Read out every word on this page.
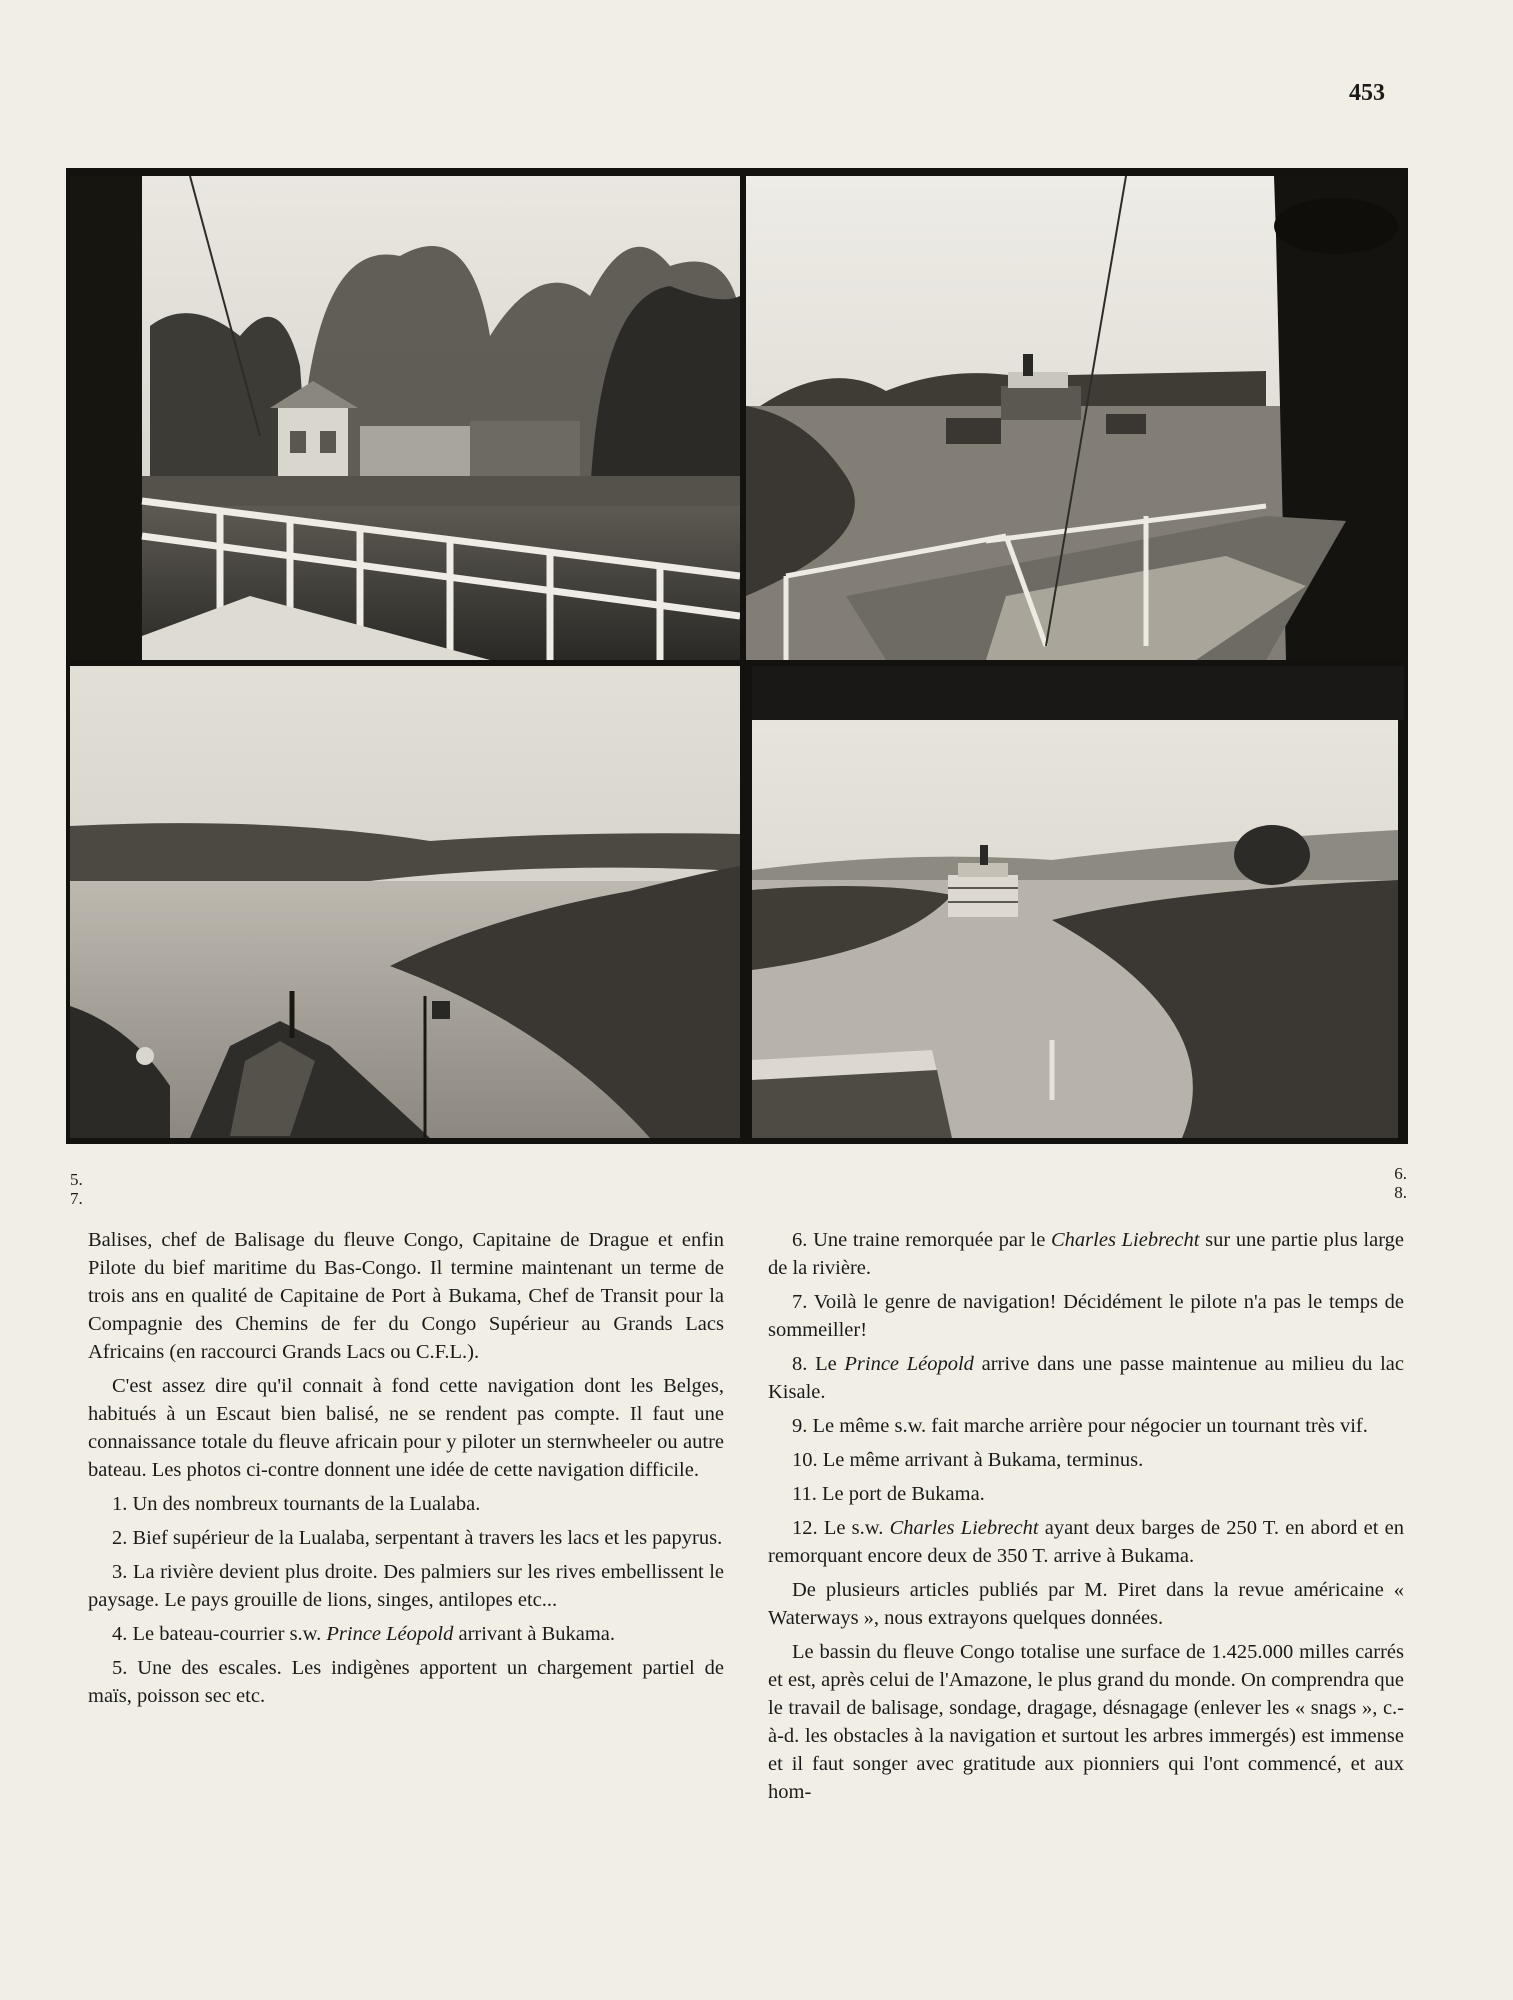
453
5.
7.
6.
8.

Balises, chef de Balisage du fleuve Congo, Capitaine de Drague et enfin Pilote du bief maritime du Bas-Congo. Il termine maintenant un terme de trois ans en qualité de Capitaine de Port à Bukama, Chef de Transit pour la Compagnie des Chemins de fer du Congo Supérieur au Grands Lacs Africains (en raccourci Grands Lacs ou C.F.L.).

C'est assez dire qu'il connait à fond cette navigation dont les Belges, habitués à un Escaut bien balisé, ne se rendent pas compte. Il faut une connaissance totale du fleuve africain pour y piloter un sternwheeler ou autre bateau. Les photos ci-contre donnent une idée de cette navigation difficile.

1. Un des nombreux tournants de la Lualaba.

2. Bief supérieur de la Lualaba, serpentant à travers les lacs et les papyrus.

3. La rivière devient plus droite. Des palmiers sur les rives embellissent le paysage. Le pays grouille de lions, singes, antilopes etc...

4. Le bateau-courrier s.w. Prince Léopold arrivant à Bukama.

5. Une des escales. Les indigènes apportent un chargement partiel de maïs, poisson sec etc.

6. Une traine remorquée par le Charles Liebrecht sur une partie plus large de la rivière.

7. Voilà le genre de navigation! Décidément le pilote n'a pas le temps de sommeiller!

8. Le Prince Léopold arrive dans une passe maintenue au milieu du lac Kisale.

9. Le même s.w. fait marche arrière pour négocier un tournant très vif.

10. Le même arrivant à Bukama, terminus.

11. Le port de Bukama.

12. Le s.w. Charles Liebrecht ayant deux barges de 250 T. en abord et en remorquant encore deux de 350 T. arrive à Bukama.

De plusieurs articles publiés par M. Piret dans la revue américaine « Waterways », nous extrayons quelques données.

Le bassin du fleuve Congo totalise une surface de 1.425.000 milles carrés et est, après celui de l'Amazone, le plus grand du monde. On comprendra que le travail de balisage, sondage, dragage, désnagage (enlever les « snags », c.-à-d. les obstacles à la navigation et surtout les arbres immergés) est immense et il faut songer avec gratitude aux pionniers qui l'ont commencé, et aux hom-
